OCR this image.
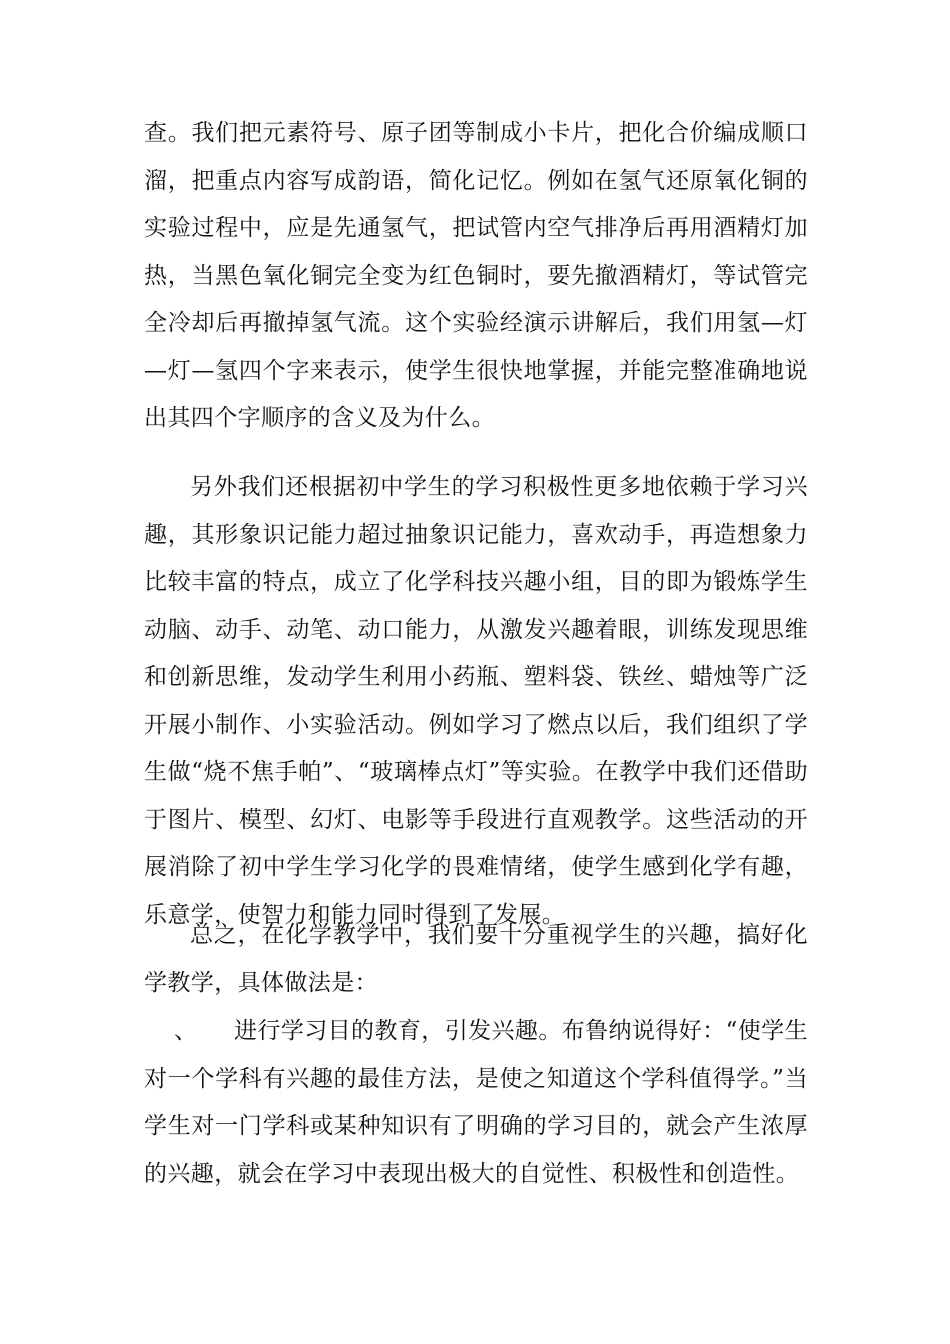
查。我们把元素符号、原子团等制成小卡片，把化合价编成顺口溜，把重点内容写成韵语，简化记忆。例如在氢气还原氧化铜的实验过程中，应是先通氢气，把试管内空气排净后再用酒精灯加热，当黑色氧化铜完全变为红色铜时，要先撤酒精灯，等试管完全冷却后再撤掉氢气流。这个实验经演示讲解后，我们用氢—灯—灯—氢四个字来表示，使学生很快地掌握，并能完整准确地说出其四个字顺序的含义及为什么。

另外我们还根据初中学生的学习积极性更多地依赖于学习兴趣，其形象识记能力超过抽象识记能力，喜欢动手，再造想象力比较丰富的特点，成立了化学科技兴趣小组，目的即为锻炼学生动脑、动手、动笔、动口能力，从激发兴趣着眼，训练发现思维和创新思维，发动学生利用小药瓶、塑料袋、铁丝、蜡烛等广泛开展小制作、小实验活动。例如学习了燃点以后，我们组织了学生做“烧不焦手帕”、“玻璃棒点灯”等实验。在教学中我们还借助于图片、模型、幻灯、电影等手段进行直观教学。这些活动的开展消除了初中学生学习化学的畏难情绪，使学生感到化学有趣，乐意学，使智力和能力同时得到了发展。

总之，在化学教学中，我们要十分重视学生的兴趣，搞好化学教学，具体做法是：

、 进行学习目的教育，引发兴趣。布鲁纳说得好：“使学生对一个学科有兴趣的最佳方法，是使之知道这个学科值得学。”当学生对一门学科或某种知识有了明确的学习目的，就会产生浓厚的兴趣，就会在学习中表现出极大的自觉性、积极性和创造性。
